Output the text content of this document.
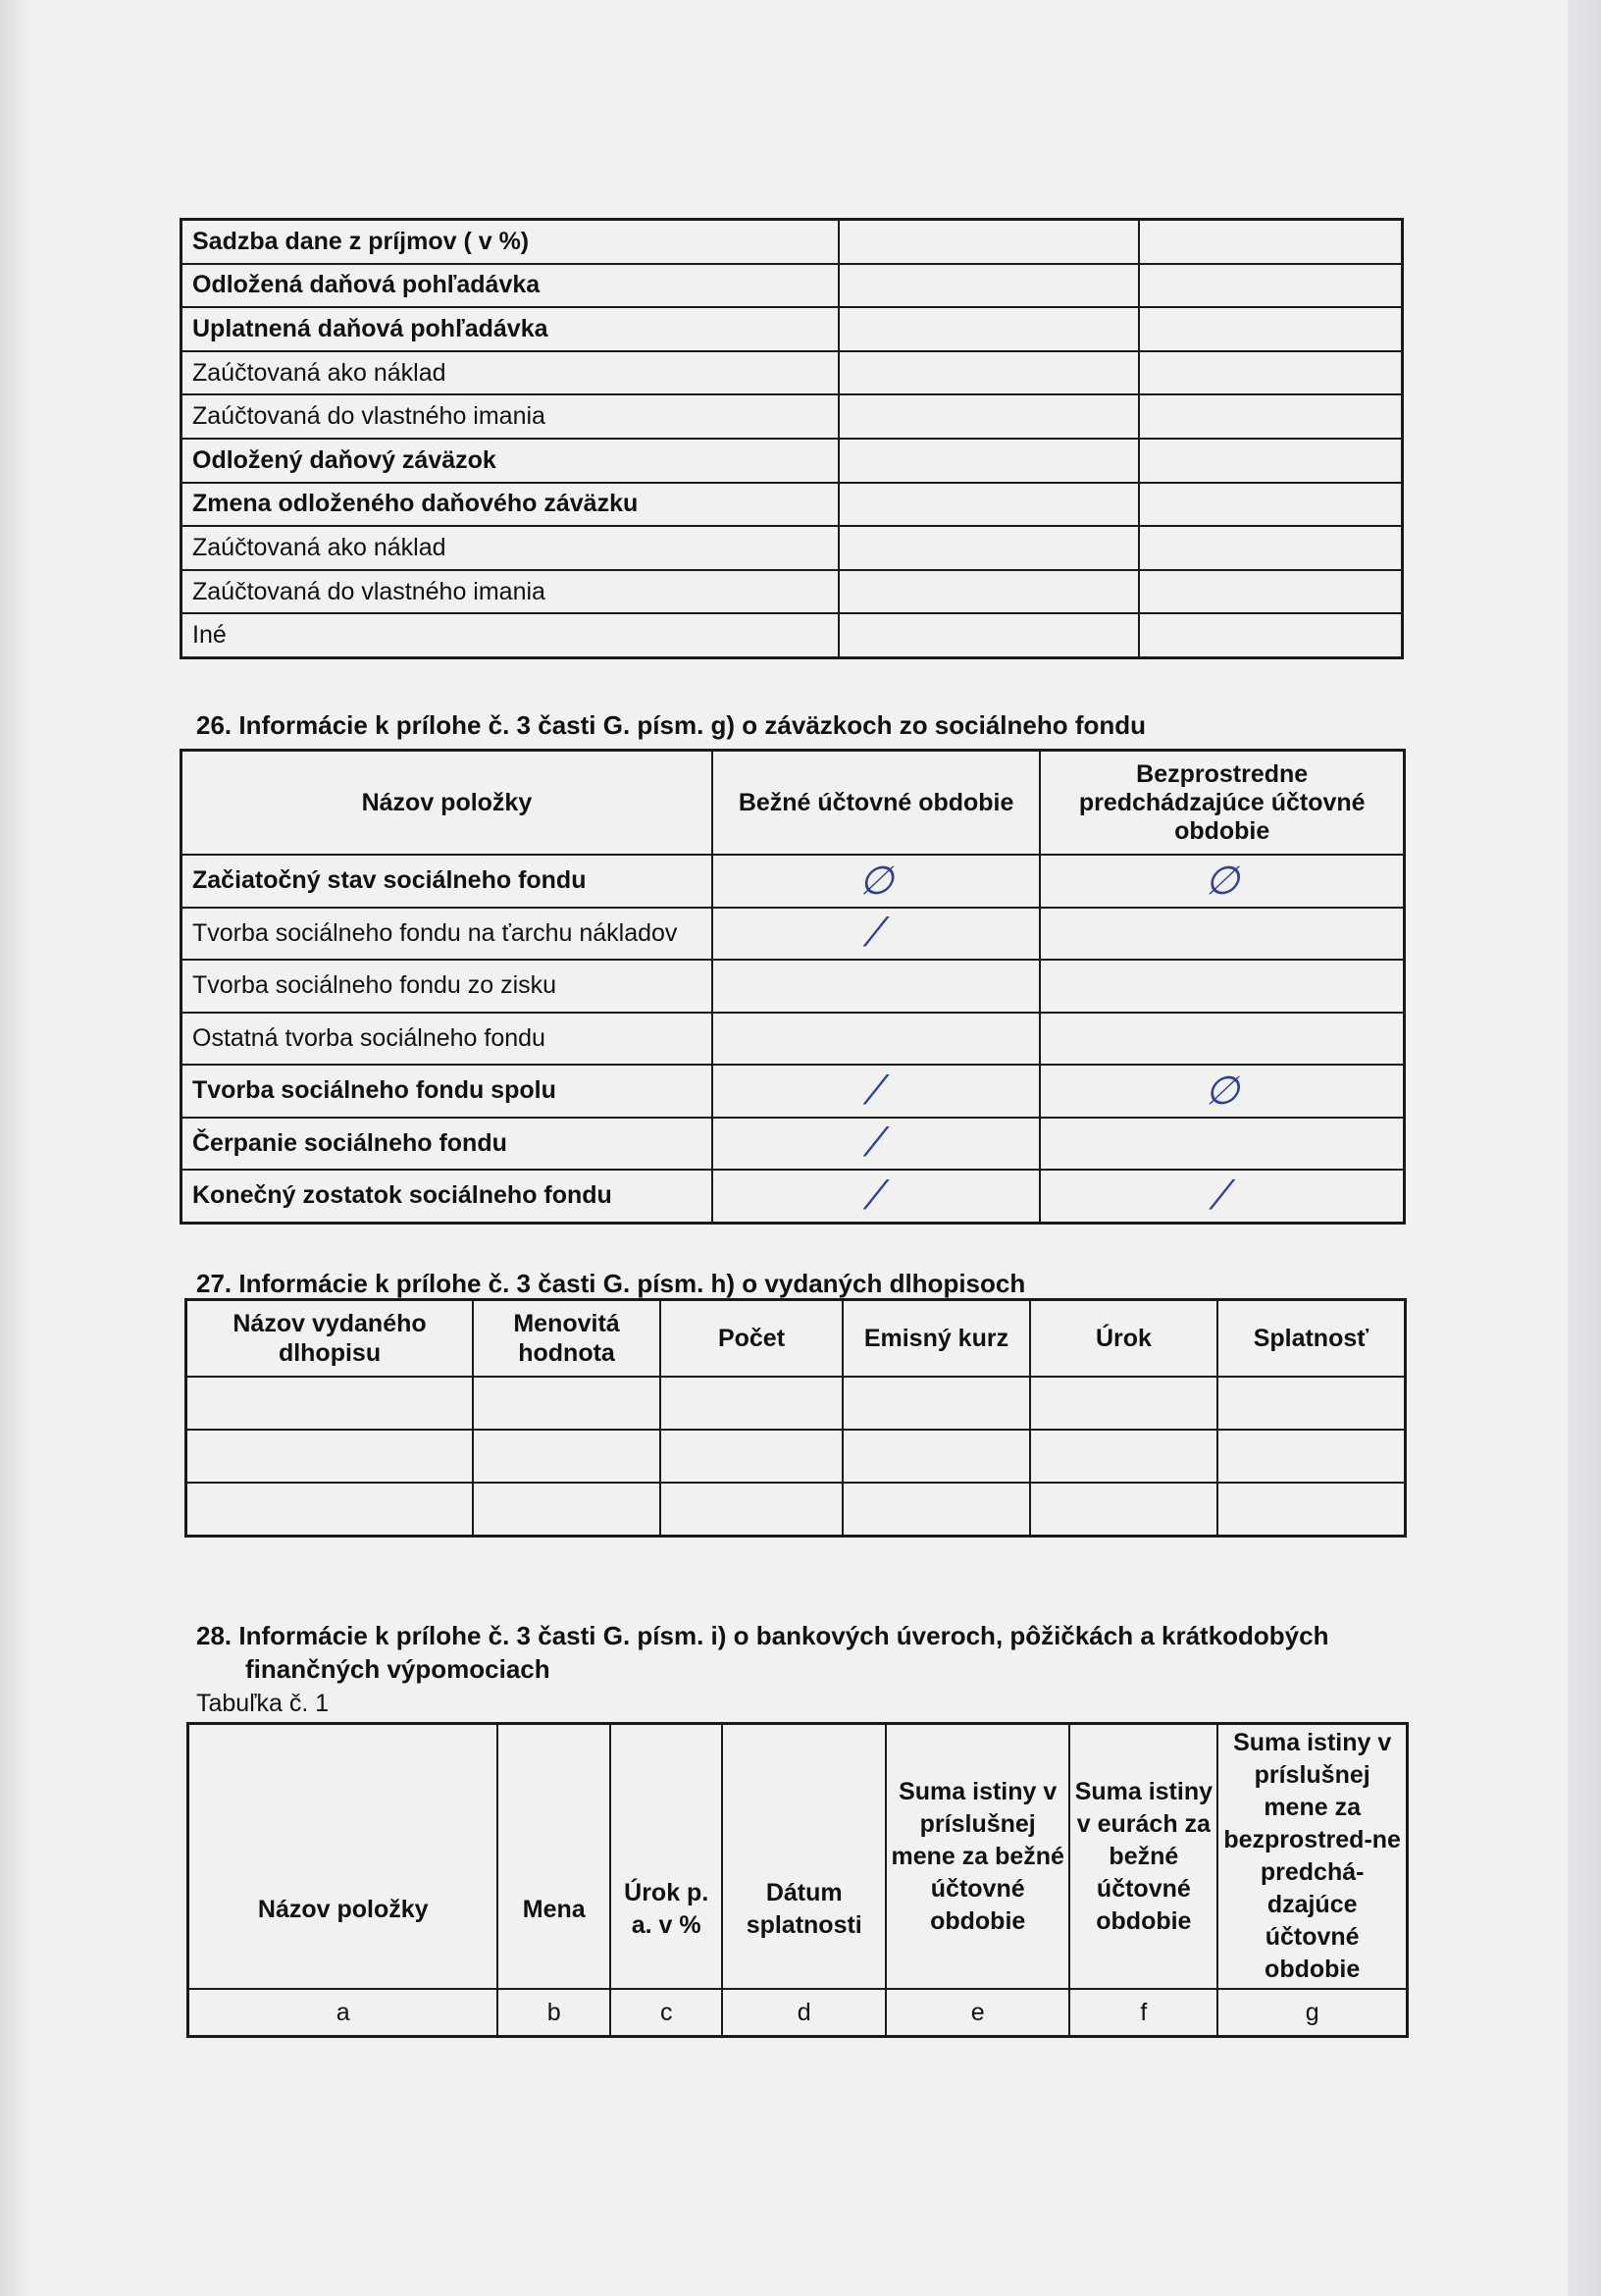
Sadzba dane z príjmov ( v %)		
Odložená daňová pohľadávka		
Uplatnená daňová pohľadávka		
Zaúčtovaná ako náklad		
Zaúčtovaná do vlastného imania		
Odložený daňový záväzok		
Zmena odloženého daňového záväzku		
Zaúčtovaná ako náklad		
Zaúčtovaná do vlastného imania		
Iné		
26. Informácie k prílohe č. 3 časti G. písm. g) o záväzkoch zo sociálneho fondu
Názov položky	Bežné účtovné obdobie	Bezprostredne predchádzajúce účtovné obdobie
Začiatočný stav sociálneho fondu	∅	∅
Tvorba sociálneho fondu na ťarchu nákladov	⁄	
Tvorba sociálneho fondu zo zisku		
Ostatná tvorba sociálneho fondu		
Tvorba sociálneho fondu spolu	⁄	∅
Čerpanie sociálneho fondu	⁄	
Konečný zostatok sociálneho fondu	⁄	⁄
27. Informácie k prílohe č. 3 časti G. písm. h) o vydaných dlhopisoch
Názov vydaného dlhopisu	Menovitá hodnota	Počet	Emisný kurz	Úrok	Splatnosť

28. Informácie k prílohe č. 3 časti G. písm. i) o bankových úveroch, pôžičkách a krátkodobých
finančných výpomociach
Tabuľka č. 1
Názov položky	Mena	Úrok p. a. v %	Dátum splatnosti	Suma istiny v príslušnej mene za bežné účtovné obdobie	Suma istiny v eurách za bežné účtovné obdobie	Suma istiny v príslušnej mene za bezprostred-ne predchá-dzajúce účtovné obdobie
a	b	c	d	e	f	g
